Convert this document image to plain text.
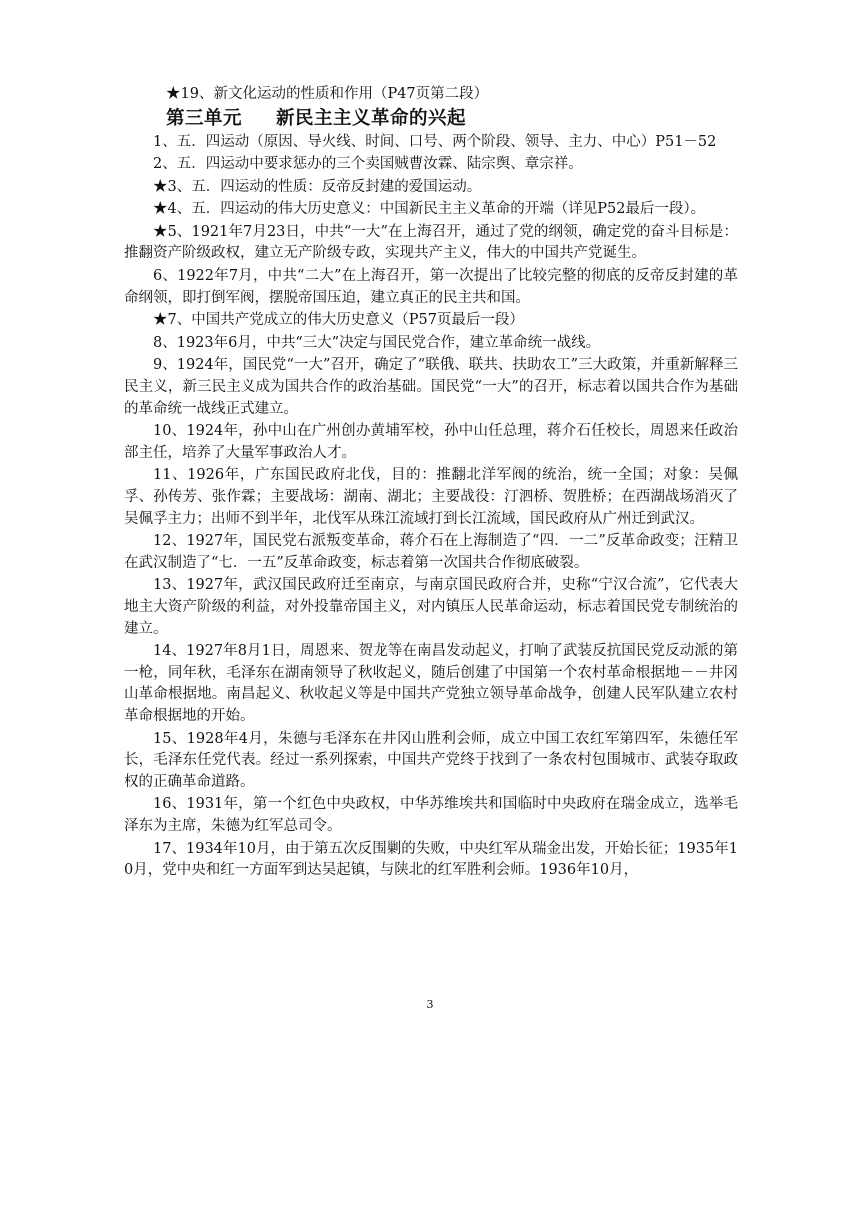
★19、新文化运动的性质和作用（P47页第二段）

第三单元 新民主主义革命的兴起

1、五．四运动（原因、导火线、时间、口号、两个阶段、领导、主力、中心）P51－52

2、五．四运动中要求惩办的三个卖国贼曹汝霖、陆宗舆、章宗祥。

★3、五．四运动的性质：反帝反封建的爱国运动。

★4、五．四运动的伟大历史意义：中国新民主主义革命的开端（详见P52最后一段）。

★5、1921年7月23日，中共“一大”在上海召开，通过了党的纲领，确定党的奋斗目标是：推翻资产阶级政权，建立无产阶级专政，实现共产主义，伟大的中国共产党诞生。

6、1922年7月，中共“二大”在上海召开，第一次提出了比较完整的彻底的反帝反封建的革命纲领，即打倒军阀，摆脱帝国压迫，建立真正的民主共和国。

★7、中国共产党成立的伟大历史意义（P57页最后一段）

8、1923年6月，中共“三大”决定与国民党合作，建立革命统一战线。

9、1924年，国民党“一大”召开，确定了“联俄、联共、扶助农工”三大政策，并重新解释三民主义，新三民主义成为国共合作的政治基础。国民党“一大”的召开，标志着以国共合作为基础的革命统一战线正式建立。

10、1924年，孙中山在广州创办黄埔军校，孙中山任总理，蒋介石任校长，周恩来任政治部主任，培养了大量军事政治人才。

11、1926年，广东国民政府北伐，目的：推翻北洋军阀的统治，统一全国；对象：吴佩孚、孙传芳、张作霖；主要战场：湖南、湖北；主要战役：汀泗桥、贺胜桥；在西湖战场消灭了吴佩孚主力；出师不到半年，北伐军从珠江流域打到长江流域，国民政府从广州迁到武汉。

12、1927年，国民党右派叛变革命，蒋介石在上海制造了“四．一二”反革命政变；汪精卫在武汉制造了“七．一五”反革命政变，标志着第一次国共合作彻底破裂。

13、1927年，武汉国民政府迁至南京，与南京国民政府合并，史称“宁汉合流”，它代表大地主大资产阶级的利益，对外投靠帝国主义，对内镇压人民革命运动，标志着国民党专制统治的建立。

14、1927年8月1日，周恩来、贺龙等在南昌发动起义，打响了武装反抗国民党反动派的第一枪，同年秋，毛泽东在湖南领导了秋收起义，随后创建了中国第一个农村革命根据地－－井冈山革命根据地。南昌起义、秋收起义等是中国共产党独立领导革命战争，创建人民军队建立农村革命根据地的开始。

15、1928年4月，朱德与毛泽东在井冈山胜利会师，成立中国工农红军第四军，朱德任军长，毛泽东任党代表。经过一系列探索，中国共产党终于找到了一条农村包围城市、武装夺取政权的正确革命道路。

16、1931年，第一个红色中央政权，中华苏维埃共和国临时中央政府在瑞金成立，选举毛泽东为主席，朱德为红军总司令。

17、1934年10月，由于第五次反围剿的失败，中央红军从瑞金出发，开始长征；1935年10月，党中央和红一方面军到达吴起镇，与陕北的红军胜利会师。1936年10月，

3
